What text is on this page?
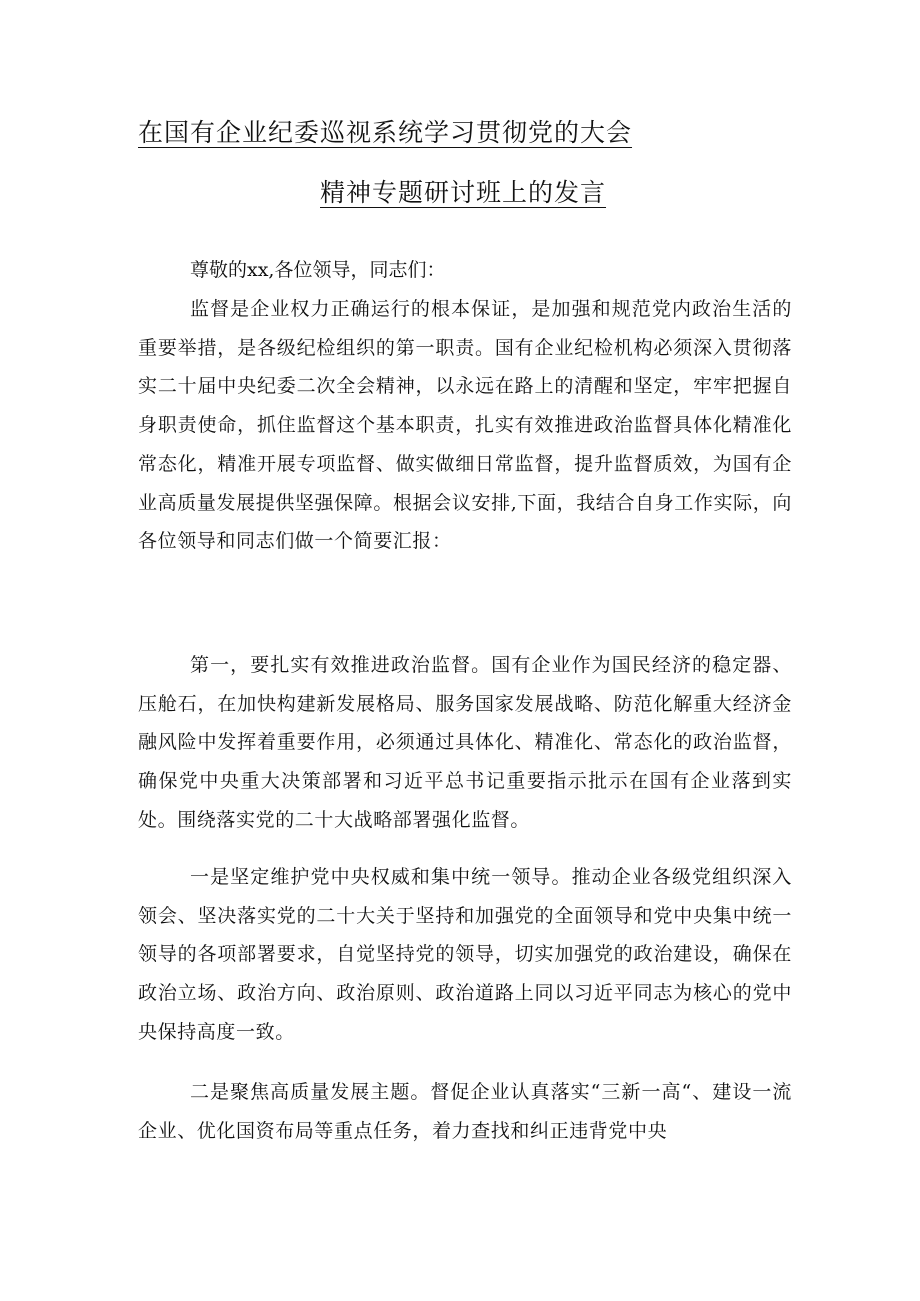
在国有企业纪委巡视系统学习贯彻党的大会
精神专题研讨班上的发言
尊敬的xx,各位领导，同志们：

监督是企业权力正确运行的根本保证，是加强和规范党内政治生活的重要举措，是各级纪检组织的第一职责。国有企业纪检机构必须深入贯彻落实二十届中央纪委二次全会精神，以永远在路上的清醒和坚定，牢牢把握自身职责使命，抓住监督这个基本职责，扎实有效推进政治监督具体化精准化常态化，精准开展专项监督、做实做细日常监督，提升监督质效，为国有企业高质量发展提供坚强保障。根据会议安排,下面，我结合自身工作实际，向各位领导和同志们做一个简要汇报：

第一，要扎实有效推进政治监督。国有企业作为国民经济的稳定器、压舱石，在加快构建新发展格局、服务国家发展战略、防范化解重大经济金融风险中发挥着重要作用，必须通过具体化、精准化、常态化的政治监督，确保党中央重大决策部署和习近平总书记重要指示批示在国有企业落到实处。围绕落实党的二十大战略部署强化监督。

一是坚定维护党中央权威和集中统一领导。推动企业各级党组织深入领会、坚决落实党的二十大关于坚持和加强党的全面领导和党中央集中统一领导的各项部署要求，自觉坚持党的领导，切实加强党的政治建设，确保在政治立场、政治方向、政治原则、政治道路上同以习近平同志为核心的党中央保持高度一致。

二是聚焦高质量发展主题。督促企业认真落实“三新一高“、建设一流企业、优化国资布局等重点任务，着力查找和纠正违背党中央
